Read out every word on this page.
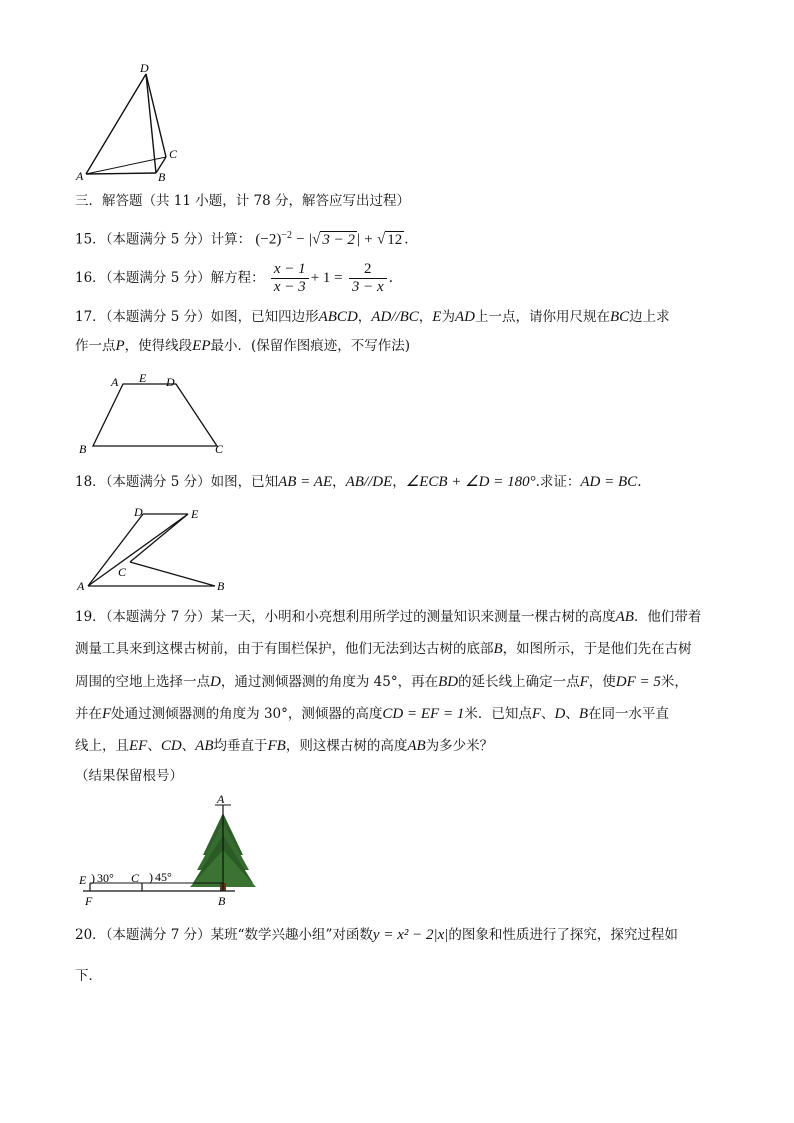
D
C
A	B
三．解答题（共 11 小题，计 78 分，解答应写出过程）
15．（本题满分 5 分）计算： $(-2)^{-2}$ − |√ 3 − 2 | + √ 12 .
16．（本题满分 5 分）解方程： $\frac{x - 1}{x - 3} + 1 = \frac{2}{3 - x}$ .
17．（本题满分 5 分）如图，已知四边形ABCD，AD//BC，E为AD上一点，请你用尺规在BC边上求
作一点P，使得线段EP最小．(保留作图痕迹，不写作法)
A E D
B	C
18．（本题满分 5 分）如图，已知AB = AE，AB//DE，∠ECB + ∠D = 180°.求证：AD = BC.
D	E
C
A	B
19．（本题满分 7 分）某一天，小明和小亮想利用所学过的测量知识来测量一棵古树的高度AB．他们带着
测量工具来到这棵古树前，由于有围栏保护，他们无法到达古树的底部B，如图所示，于是他们先在古树
周围的空地上选择一点D，通过测倾器测的角度为 45°，再在BD的延长线上确定一点F，使DF = 5米，
并在F处通过测倾器测的角度为 30°，测倾器的高度CD = EF = 1米．已知点F、D、B在同一水平直
线上，且EF、CD、AB均垂直于FB，则这棵古树的高度AB为多少米？
（结果保留根号）
A
E 30° C 45°
)	)
F	B
20．（本题满分 7 分）某班“数学兴趣小组”对函数y = x² − 2|x|的图象和性质进行了探究，探究过程如
下．
